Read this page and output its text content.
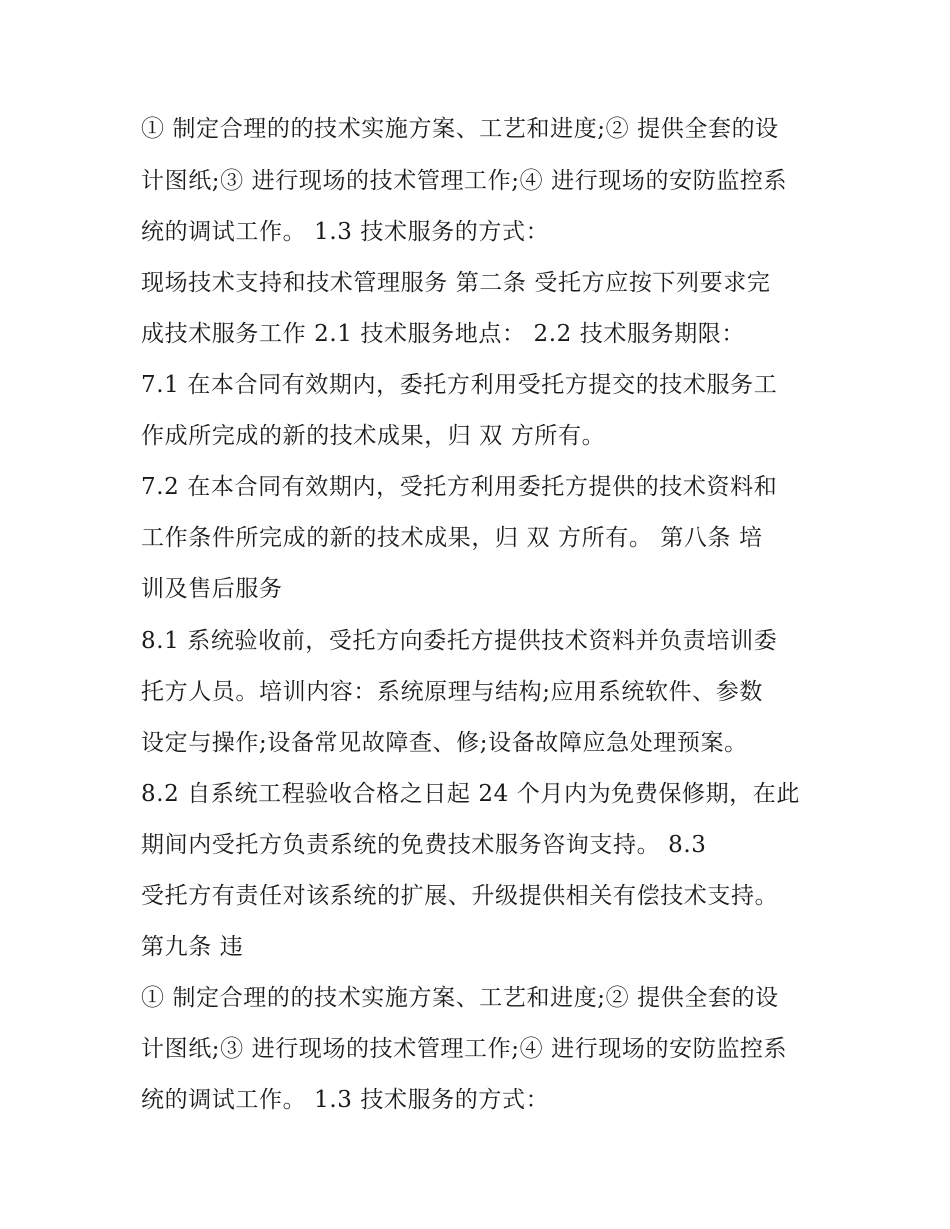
① 制定合理的的技术实施方案、工艺和进度;② 提供全套的设

计图纸;③ 进行现场的技术管理工作;④ 进行现场的安防监控系

统的调试工作。 1.3 技术服务的方式：

现场技术支持和技术管理服务 第二条 受托方应按下列要求完

成技术服务工作 2.1 技术服务地点： 2.2 技术服务期限：

7.1 在本合同有效期内，委托方利用受托方提交的技术服务工

作成所完成的新的技术成果，归 双 方所有。

7.2 在本合同有效期内，受托方利用委托方提供的技术资料和

工作条件所完成的新的技术成果，归 双 方所有。 第八条 培

训及售后服务

8.1 系统验收前，受托方向委托方提供技术资料并负责培训委

托方人员。培训内容：系统原理与结构;应用系统软件、参数

设定与操作;设备常见故障查、修;设备故障应急处理预案。

8.2 自系统工程验收合格之日起 24 个月内为免费保修期，在此

期间内受托方负责系统的免费技术服务咨询支持。 8.3

受托方有责任对该系统的扩展、升级提供相关有偿技术支持。

第九条 违

① 制定合理的的技术实施方案、工艺和进度;② 提供全套的设

计图纸;③ 进行现场的技术管理工作;④ 进行现场的安防监控系

统的调试工作。 1.3 技术服务的方式：
